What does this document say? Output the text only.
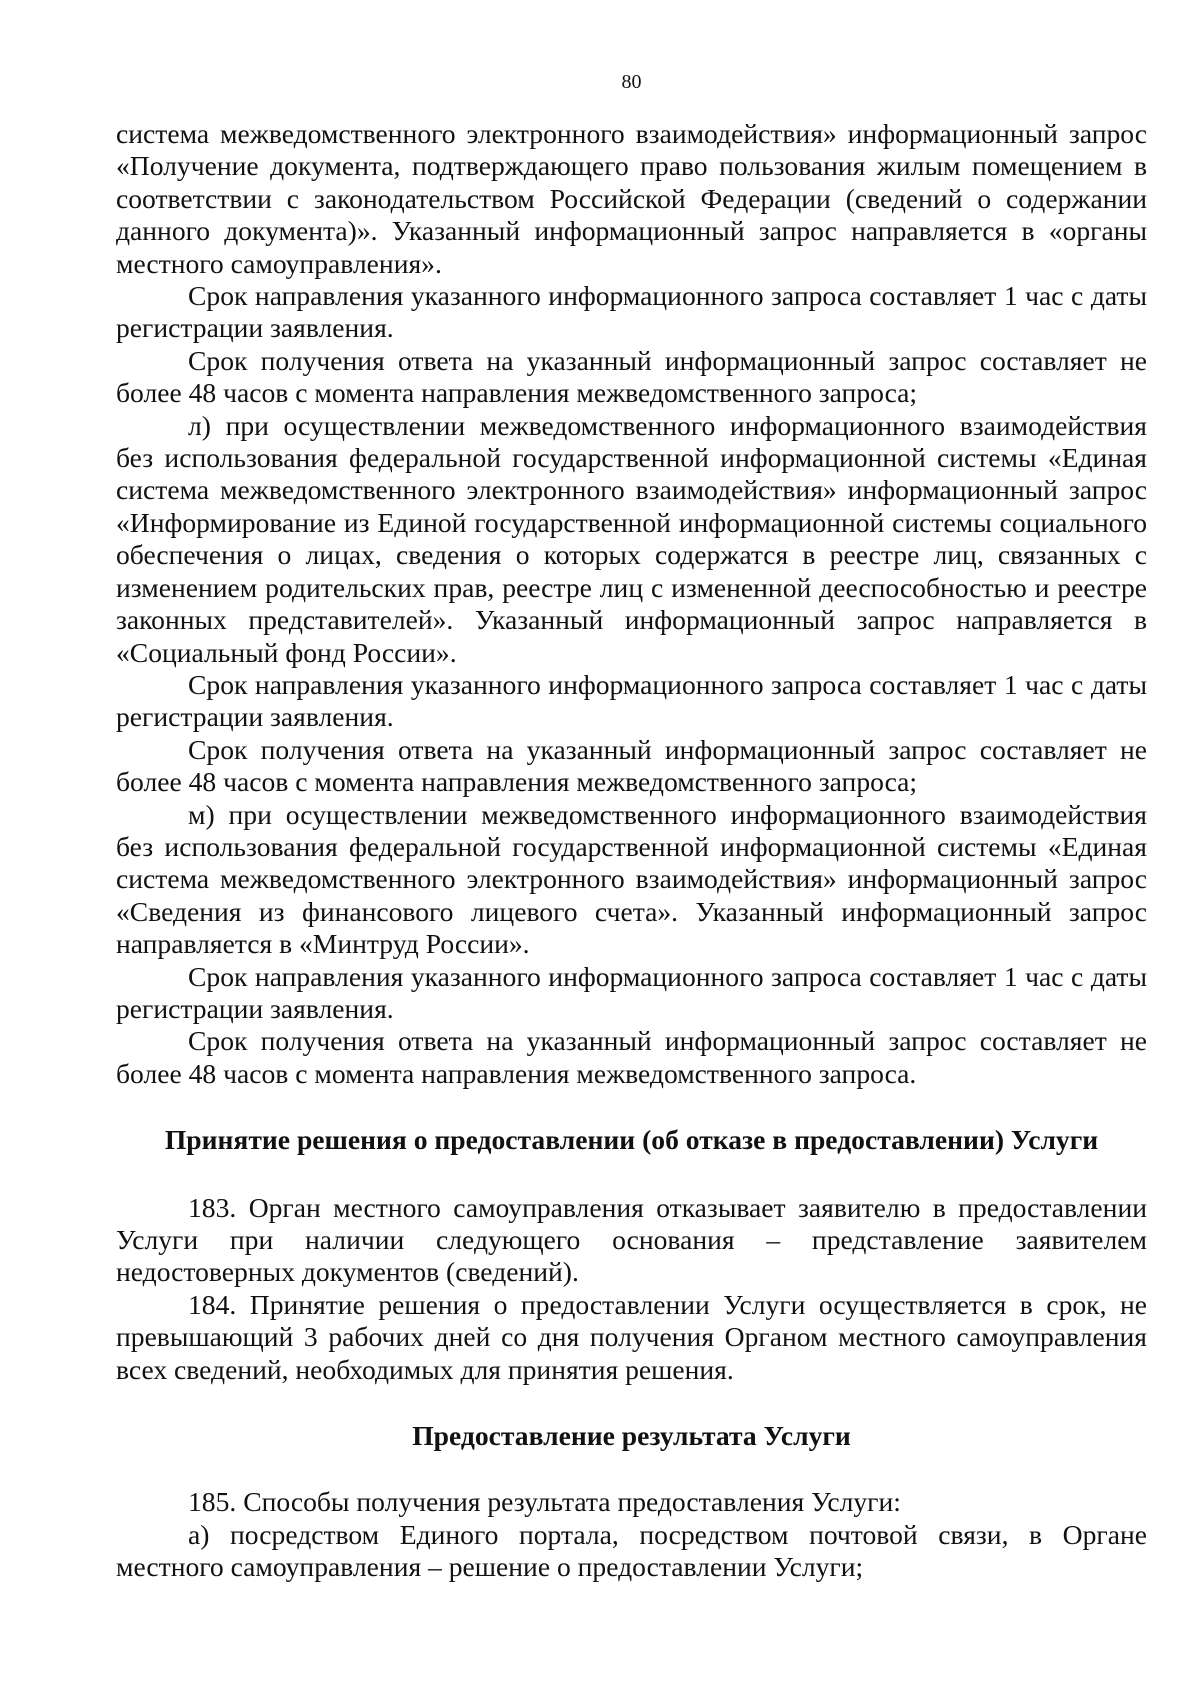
80

система межведомственного электронного взаимодействия» информационный запрос «Получение документа, подтверждающего право пользования жилым помещением в соответствии с законодательством Российской Федерации (сведений о содержании данного документа)». Указанный информационный запрос направляется в «органы местного самоуправления».

Срок направления указанного информационного запроса составляет 1 час с даты регистрации заявления.

Срок получения ответа на указанный информационный запрос составляет не более 48 часов с момента направления межведомственного запроса;

л) при осуществлении межведомственного информационного взаимодействия без использования федеральной государственной информационной системы «Единая система межведомственного электронного взаимодействия» информационный запрос «Информирование из Единой государственной информационной системы социального обеспечения о лицах, сведения о которых содержатся в реестре лиц, связанных с изменением родительских прав, реестре лиц с измененной дееспособностью и реестре законных представителей». Указанный информационный запрос направляется в «Социальный фонд России».

Срок направления указанного информационного запроса составляет 1 час с даты регистрации заявления.

Срок получения ответа на указанный информационный запрос составляет не более 48 часов с момента направления межведомственного запроса;

м) при осуществлении межведомственного информационного взаимодействия без использования федеральной государственной информационной системы «Единая система межведомственного электронного взаимодействия» информационный запрос «Сведения из финансового лицевого счета». Указанный информационный запрос направляется в «Минтруд России».

Срок направления указанного информационного запроса составляет 1 час с даты регистрации заявления.

Срок получения ответа на указанный информационный запрос составляет не более 48 часов с момента направления межведомственного запроса.

Принятие решения о предоставлении (об отказе в предоставлении) Услуги

183. Орган местного самоуправления отказывает заявителю в предоставлении Услуги при наличии следующего основания – представление заявителем недостоверных документов (сведений).

184. Принятие решения о предоставлении Услуги осуществляется в срок, не превышающий 3 рабочих дней со дня получения Органом местного самоуправления всех сведений, необходимых для принятия решения.

Предоставление результата Услуги

185. Способы получения результата предоставления Услуги:

а) посредством Единого портала, посредством почтовой связи, в Органе местного самоуправления – решение о предоставлении Услуги;
